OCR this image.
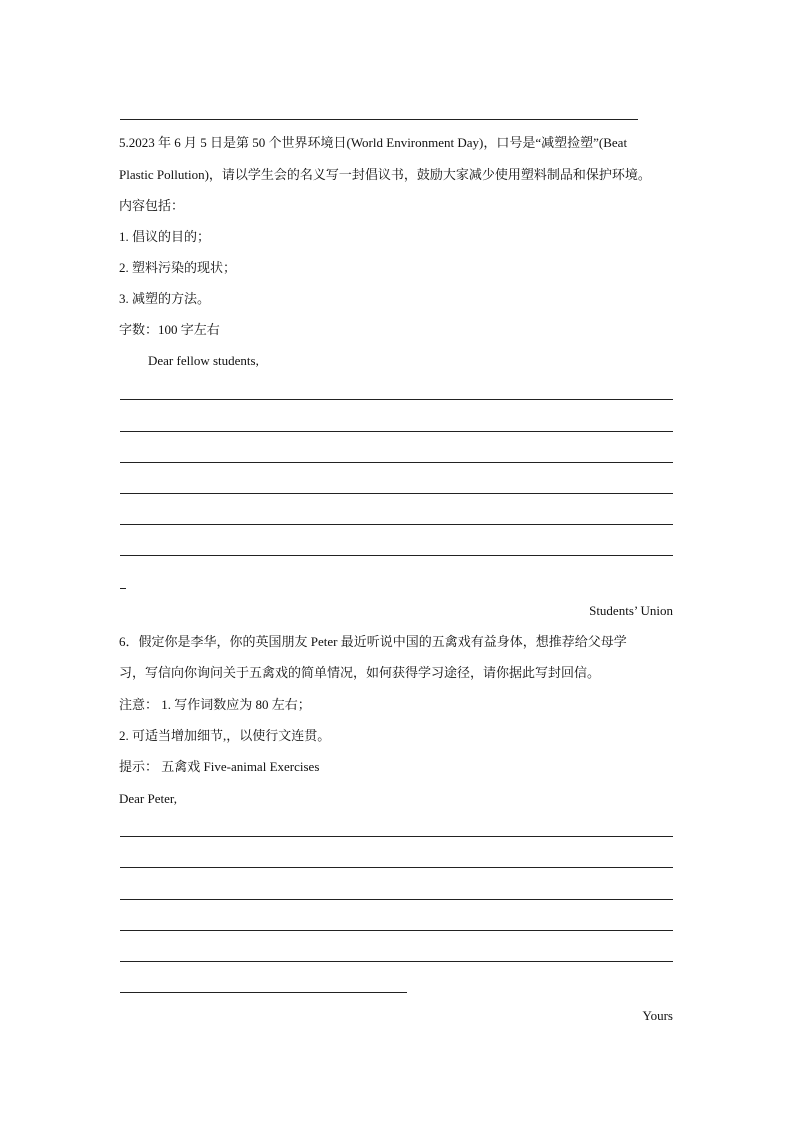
5.2023 年 6 月 5 日是第 50 个世界环境日(World Environment Day)，口号是“减塑捡塑”(Beat
Plastic Pollution)，请以学生会的名义写一封倡议书，鼓励大家减少使用塑料制品和保护环境。
内容包括：
1. 倡议的目的；
2. 塑料污染的现状；
3. 减塑的方法。
字数：100 字左右
Dear fellow students,
Students’ Union
6．假定你是李华，你的英国朋友 Peter 最近听说中国的五禽戏有益身体，想推荐给父母学
习，写信向你询问关于五禽戏的简单情况，如何获得学习途径，请你据此写封回信。
注意： 1. 写作词数应为 80 左右；
2. 可适当增加细节,，以使行文连贯。
提示： 五禽戏 Five-animal Exercises
Dear Peter,
Yours
